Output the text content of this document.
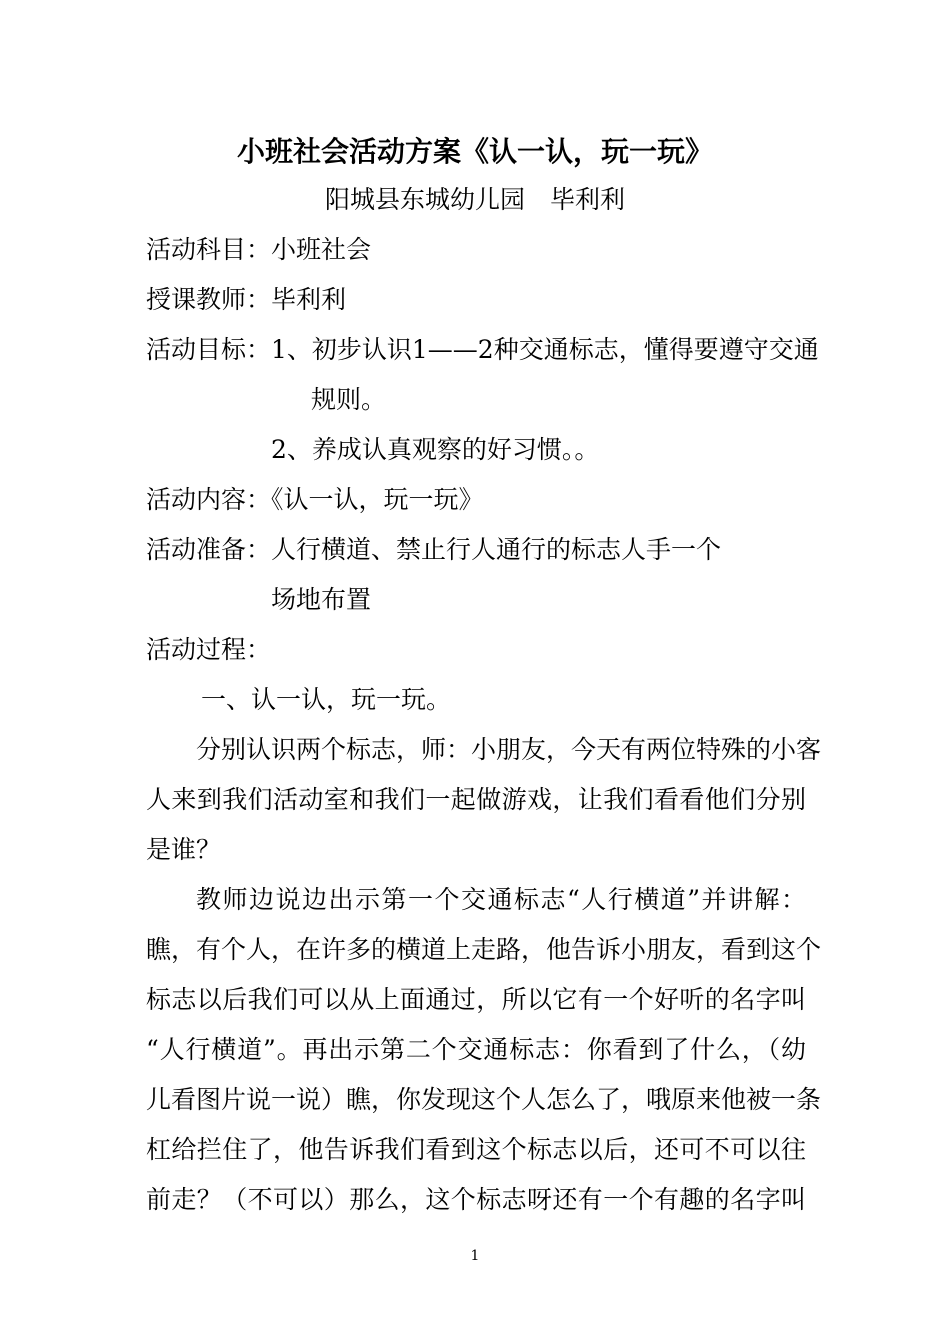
小班社会活动方案《认一认，玩一玩》
阳城县东城幼儿园　毕利利
活动科目：小班社会
授课教师：毕利利
活动目标：1、初步认识1——2种交通标志，懂得要遵守交通
规则。
2、养成认真观察的好习惯。。
活动内容：《认一认，玩一玩》
活动准备：人行横道、禁止行人通行的标志人手一个
场地布置
活动过程：
一、认一认，玩一玩。
分别认识两个标志，师：小朋友，今天有两位特殊的小客
人来到我们活动室和我们一起做游戏，让我们看看他们分别
是谁？
教师边说边出示第一个交通标志“人行横道”并讲解：
瞧，有个人，在许多的横道上走路，他告诉小朋友，看到这个
标志以后我们可以从上面通过，所以它有一个好听的名字叫
“人行横道”。再出示第二个交通标志：你看到了什么，（幼
儿看图片说一说）瞧，你发现这个人怎么了，哦原来他被一条
杠给拦住了，他告诉我们看到这个标志以后，还可不可以往
前走？（不可以）那么，这个标志呀还有一个有趣的名字叫
1
